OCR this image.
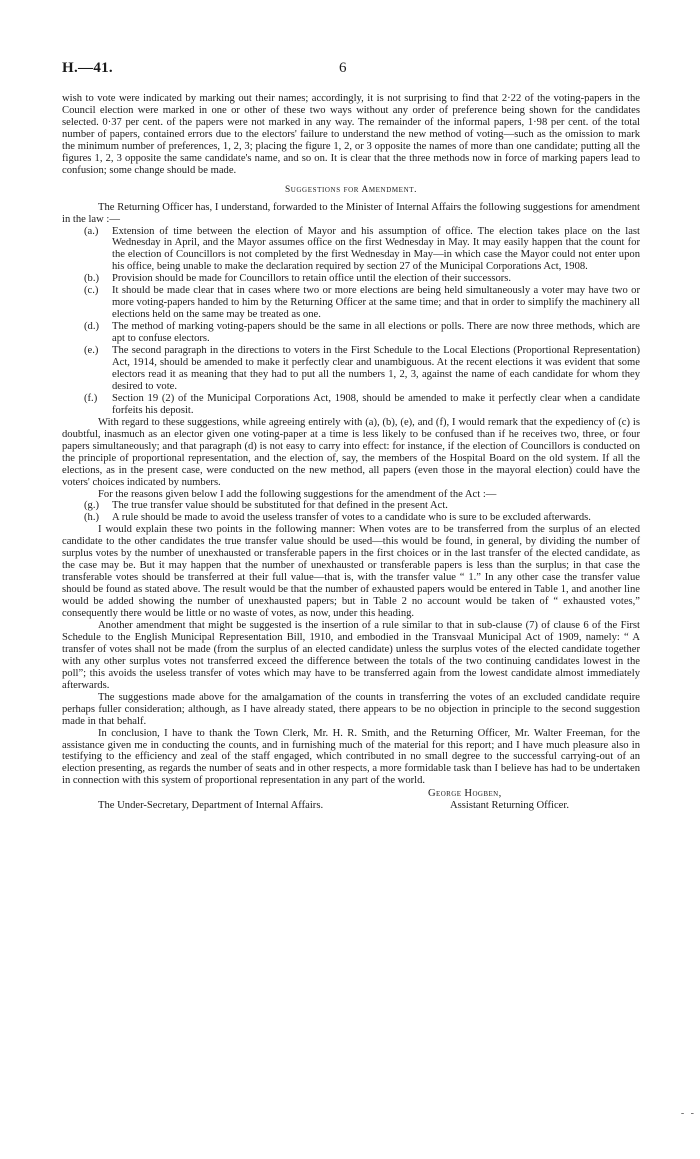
H.—41.	6

wish to vote were indicated by marking out their names; accordingly, it is not surprising to find that 2·22 of the voting-papers in the Council election were marked in one or other of these two ways without any order of preference being shown for the candidates selected. 0·37 per cent. of the papers were not marked in any way. The remainder of the informal papers, 1·98 per cent. of the total number of papers, contained errors due to the electors' failure to understand the new method of voting—such as the omission to mark the minimum number of preferences, 1, 2, 3; placing the figure 1, 2, or 3 opposite the names of more than one candidate; putting all the figures 1, 2, 3 opposite the same candidate's name, and so on. It is clear that the three methods now in force of marking papers lead to confusion; some change should be made.

Suggestions for Amendment.

The Returning Officer has, I understand, forwarded to the Minister of Internal Affairs the following suggestions for amendment in the law :—

(a.)	Extension of time between the election of Mayor and his assumption of office. The election takes place on the last Wednesday in April, and the Mayor assumes office on the first Wednesday in May. It may easily happen that the count for the election of Councillors is not completed by the first Wednesday in May—in which case the Mayor could not enter upon his office, being unable to make the declaration required by section 27 of the Municipal Corporations Act, 1908.
(b.)	Provision should be made for Councillors to retain office until the election of their successors.
(c.)	It should be made clear that in cases where two or more elections are being held simultaneously a voter may have two or more voting-papers handed to him by the Returning Officer at the same time; and that in order to simplify the machinery all elections held on the same may be treated as one.
(d.)	The method of marking voting-papers should be the same in all elections or polls. There are now three methods, which are apt to confuse electors.
(e.)	The second paragraph in the directions to voters in the First Schedule to the Local Elections (Proportional Representation) Act, 1914, should be amended to make it perfectly clear and unambiguous. At the recent elections it was evident that some electors read it as meaning that they had to put all the numbers 1, 2, 3, against the name of each candidate for whom they desired to vote.
(f.)	Section 19 (2) of the Municipal Corporations Act, 1908, should be amended to make it perfectly clear when a candidate forfeits his deposit.

With regard to these suggestions, while agreeing entirely with (a), (b), (e), and (f), I would remark that the expediency of (c) is doubtful, inasmuch as an elector given one voting-paper at a time is less likely to be confused than if he receives two, three, or four papers simultaneously; and that paragraph (d) is not easy to carry into effect: for instance, if the election of Councillors is conducted on the principle of proportional representation, and the election of, say, the members of the Hospital Board on the old system. If all the elections, as in the present case, were conducted on the new method, all papers (even those in the mayoral election) could have the voters' choices indicated by numbers.

For the reasons given below I add the following suggestions for the amendment of the Act :—

(g.)	The true transfer value should be substituted for that defined in the present Act.
(h.)	A rule should be made to avoid the useless transfer of votes to a candidate who is sure to be excluded afterwards.

I would explain these two points in the following manner: When votes are to be transferred from the surplus of an elected candidate to the other candidates the true transfer value should be used—this would be found, in general, by dividing the number of surplus votes by the number of unexhausted or transferable papers in the first choices or in the last transfer of the elected candidate, as the case may be. But it may happen that the number of unexhausted or transferable papers is less than the surplus; in that case the transferable votes should be transferred at their full value—that is, with the transfer value “ 1.” In any other case the transfer value should be found as stated above. The result would be that the number of exhausted papers would be entered in Table 1, and another line would be added showing the number of unexhausted papers; but in Table 2 no account would be taken of “ exhausted votes,” consequently there would be little or no waste of votes, as now, under this heading.

Another amendment that might be suggested is the insertion of a rule similar to that in sub-clause (7) of clause 6 of the First Schedule to the English Municipal Representation Bill, 1910, and embodied in the Transvaal Municipal Act of 1909, namely: “ A transfer of votes shall not be made (from the surplus of an elected candidate) unless the surplus votes of the elected candidate together with any other surplus votes not transferred exceed the difference between the totals of the two continuing candidates lowest in the poll”; this avoids the useless transfer of votes which may have to be transferred again from the lowest candidate almost immediately afterwards.

The suggestions made above for the amalgamation of the counts in transferring the votes of an excluded candidate require perhaps fuller consideration; although, as I have already stated, there appears to be no objection in principle to the second suggestion made in that behalf.

In conclusion, I have to thank the Town Clerk, Mr. H. R. Smith, and the Returning Officer, Mr. Walter Freeman, for the assistance given me in conducting the counts, and in furnishing much of the material for this report; and I have much pleasure also in testifying to the efficiency and zeal of the staff engaged, which contributed in no small degree to the successful carrying-out of an election presenting, as regards the number of seats and in other respects, a more formidable task than I believe has had to be undertaken in connection with this system of proportional representation in any part of the world.

George Hogben,
The Under-Secretary, Department of Internal Affairs.	Assistant Returning Officer.
- -
